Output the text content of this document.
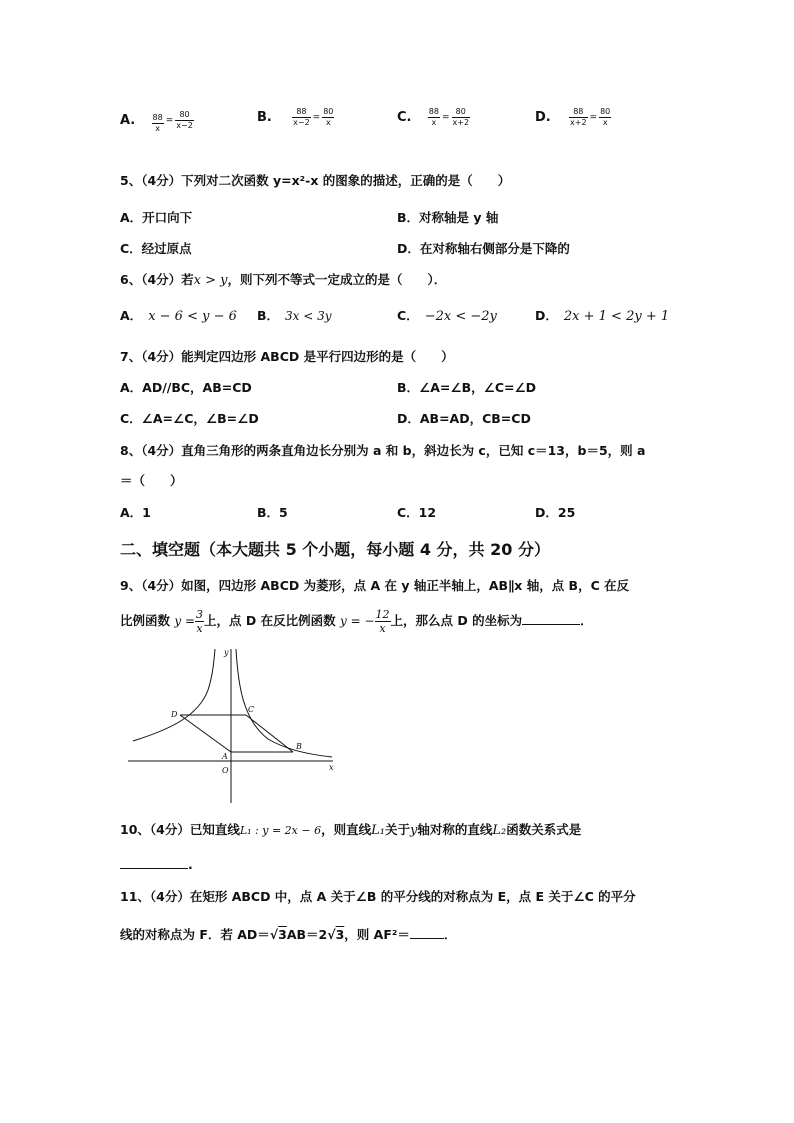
A. $\frac{88}{x} = \frac{80}{x-2}$	B.	$\frac{88}{x-2} = \frac{80}{x}$	C. $\frac{88}{x} = \frac{80}{x+2}$	D. $\frac{88}{x+2} = \frac{80}{x}$
5、（4分）下列对二次函数 y=x²-x 的图象的描述，正确的是（　　）
A．开口向下	B．对称轴是 y 轴
C．经过原点	D．在对称轴右侧部分是下降的
6、（4分）若x > y，则下列不等式一定成立的是（　　）．
A． x − 6 < y − 6 B． 3x < 3y	C． −2x < −2y	D． 2x + 1 < 2y + 1
7、（4分）能判定四边形 ABCD 是平行四边形的是（　　）
A．AD//BC，AB=CD	B．∠A=∠B，∠C=∠D
C．∠A=∠C，∠B=∠D	D．AB=AD，CB=CD
8、（4分）直角三角形的两条直角边长分别为 a 和 b，斜边长为 c，已知 c＝13，b＝5，则 a
＝（　　）
A．1	B．5	C．12	D．25
二、填空题（本大题共 5 个小题，每小题 4 分，共 20 分）
9、（4分）如图，四边形 ABCD 为菱形，点 A 在 y 轴正半轴上，AB∥x 轴，点 B，C 在反
比例函数 $y = \frac{3}{x}$ 上，点 D 在反比例函数 y = − $\frac{12}{x}$ 上，那么点 D 的坐标为	．
D
C
A
B
O	x
y
10、（4分）已知直线L₁ : y = 2x − 6，则直线L₁关于y轴对称的直线L₂函数关系式是
.
11、（4分）在矩形 ABCD 中，点 A 关于∠B 的平分线的对称点为 E，点 E 关于∠C 的平分
线的对称点为 F．若 AD＝√3AB＝2√3，则 AF²＝	．
